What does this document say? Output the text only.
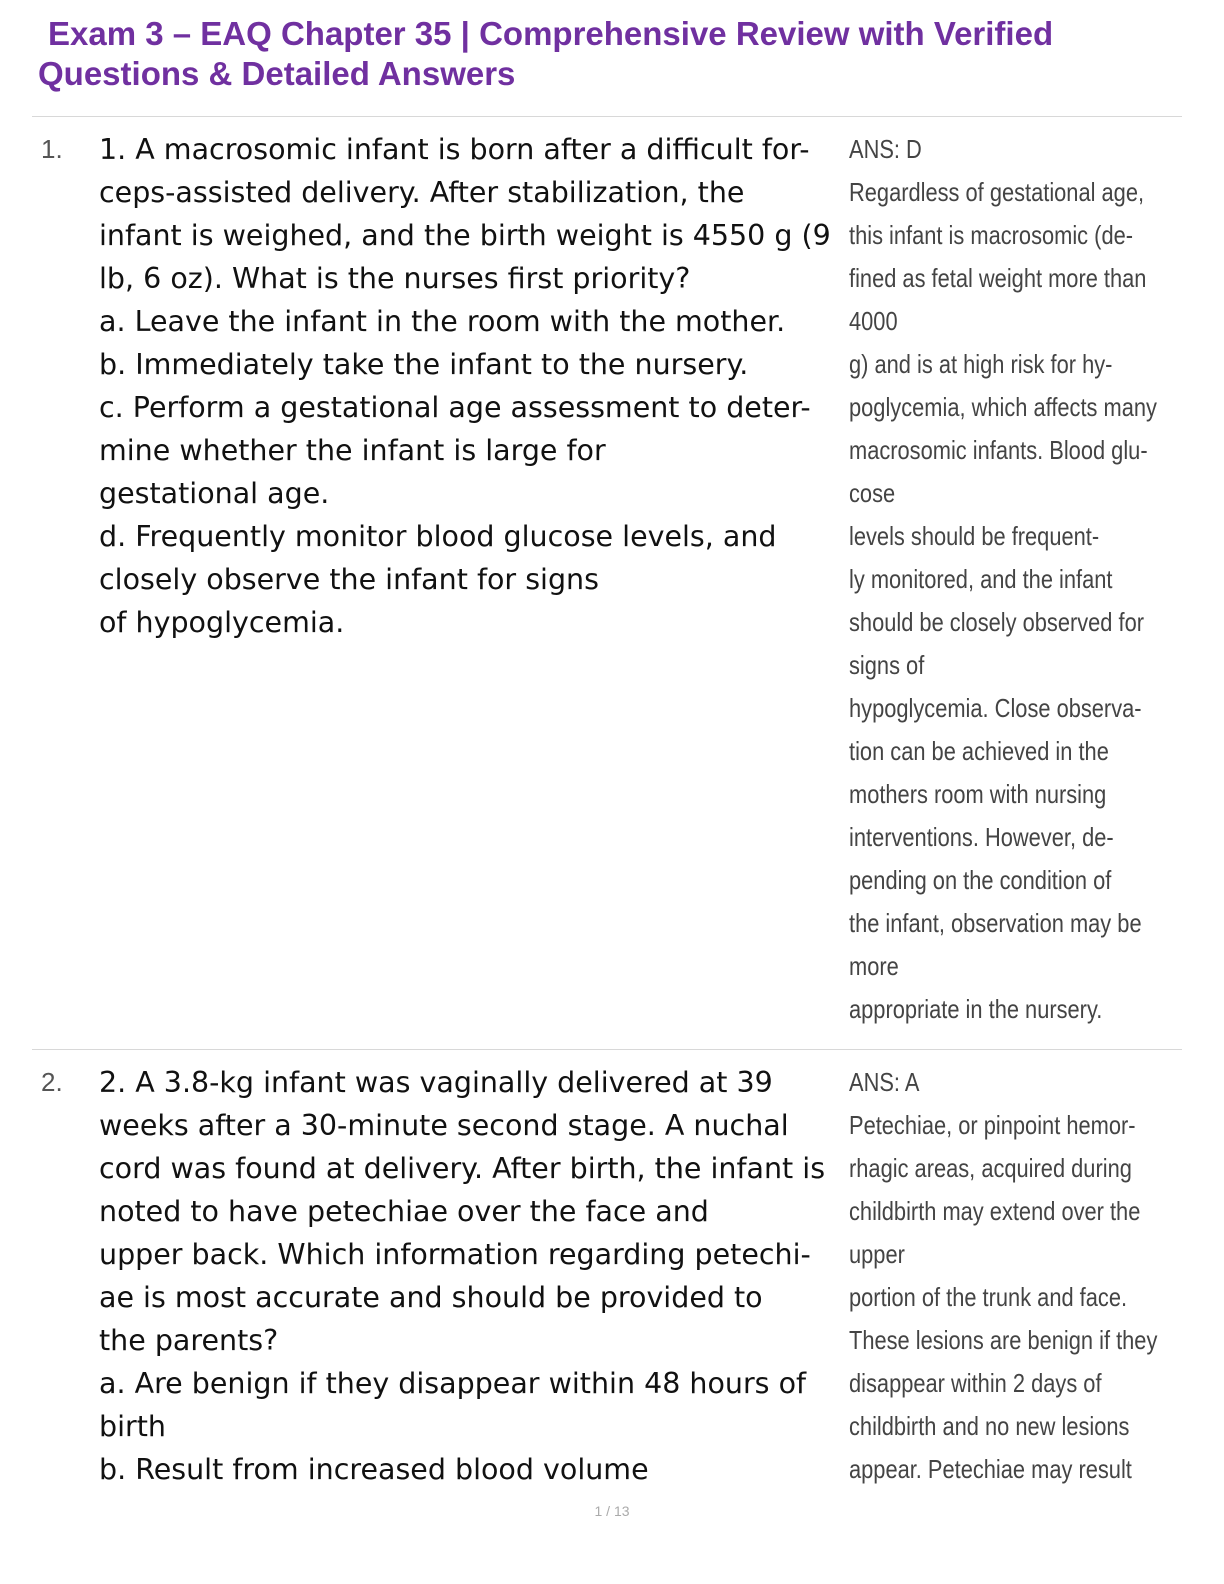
Exam 3 – EAQ Chapter 35 | Comprehensive Review with Verified
Questions & Detailed Answers
1. 1. A macrosomic infant is born after a difficult for-
ceps-assisted delivery. After stabilization, the
infant is weighed, and the birth weight is 4550 g (9
lb, 6 oz). What is the nurses first priority?
a. Leave the infant in the room with the mother.
b. Immediately take the infant to the nursery.
c. Perform a gestational age assessment to deter-
mine whether the infant is large for
gestational age.
d. Frequently monitor blood glucose levels, and
closely observe the infant for signs
of hypoglycemia.
ANS: D
Regardless of gestational age,
this infant is macrosomic (de-
fined as fetal weight more than
4000
g) and is at high risk for hy-
poglycemia, which affects many
macrosomic infants. Blood glu-
cose
levels should be frequent-
ly monitored, and the infant
should be closely observed for
signs of
hypoglycemia. Close observa-
tion can be achieved in the
mothers room with nursing
interventions. However, de-
pending on the condition of
the infant, observation may be
more
appropriate in the nursery.
2. 2. A 3.8-kg infant was vaginally delivered at 39
weeks after a 30-minute second stage. A nuchal
cord was found at delivery. After birth, the infant is
noted to have petechiae over the face and
upper back. Which information regarding petechi-
ae is most accurate and should be provided to
the parents?
a. Are benign if they disappear within 48 hours of
birth
b. Result from increased blood volume
ANS: A
Petechiae, or pinpoint hemor-
rhagic areas, acquired during
childbirth may extend over the
upper
portion of the trunk and face.
These lesions are benign if they
disappear within 2 days of
childbirth and no new lesions
appear. Petechiae may result
1 / 13
